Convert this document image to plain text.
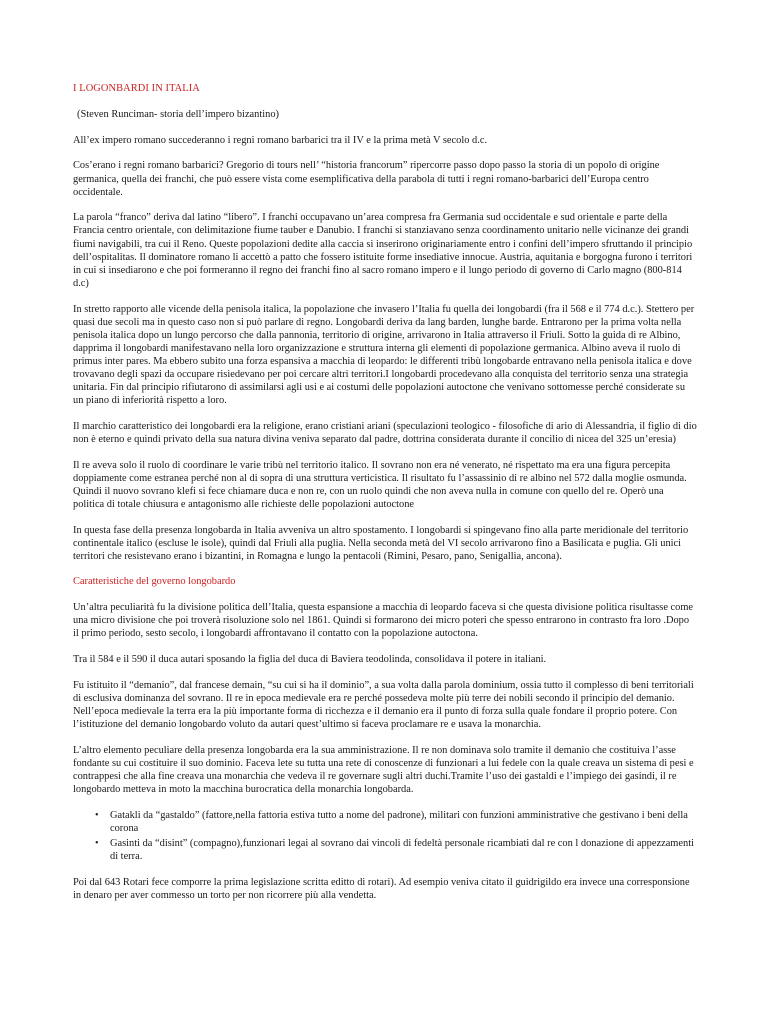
I LOGONBARDI IN ITALIA

(Steven Runciman- storia dell’impero bizantino)

All’ex impero romano succederanno i regni romano barbarici tra il IV e la prima metà V secolo d.c.

Cos’erano i regni romano barbarici? Gregorio di tours nell’ “historia francorum” ripercorre passo dopo passo la storia di un popolo di origine germanica, quella dei franchi, che può essere vista come esemplificativa della parabola di tutti i regni romano-barbarici dell’Europa centro occidentale.

La parola “franco” deriva dal latino “libero”. I franchi occupavano un’area compresa fra Germania sud occidentale e sud orientale e parte della Francia centro orientale, con delimitazione fiume tauber e Danubio. I franchi si stanziavano senza coordinamento unitario nelle vicinanze dei grandi fiumi navigabili, tra cui il Reno. Queste popolazioni dedite alla caccia si inserirono originariamente entro i confini dell’impero sfruttando il principio dell’ospitalitas. Il dominatore romano li accettò a patto che fossero istituite forme insediative innocue. Austria, aquitania e borgogna furono i territori in cui si insediarono e che poi formeranno il regno dei franchi fino al sacro romano impero e il lungo periodo di governo di Carlo magno (800-814 d.c)

In stretto rapporto alle vicende della penisola italica, la popolazione che invasero l’Italia fu quella dei longobardi (fra il 568 e il 774 d.c.). Stettero per quasi due secoli ma in questo caso non si può parlare di regno. Longobardi deriva da lang barden, lunghe barde. Entrarono per la prima volta nella penisola italica dopo un lungo percorso che dalla pannonia, territorio di origine, arrivarono in Italia attraverso il Friuli. Sotto la guida di re Albino, dapprima il longobardi manifestavano nella loro organizzazione e struttura interna gli elementi di popolazione germanica. Albino aveva il ruolo di primus inter pares. Ma ebbero subito una forza espansiva a macchia di leopardo: le differenti tribù longobarde entravano nella penisola italica e dove trovavano degli spazi da occupare risiedevano per poi cercare altri territori.I longobardi procedevano alla conquista del territorio senza una strategia unitaria. Fin dal principio rifiutarono di assimilarsi agli usi e ai costumi delle popolazioni autoctone che venivano sottomesse perché considerate su un piano di inferiorità rispetto a loro.

Il marchio caratteristico dei longobardi era la religione, erano cristiani ariani (speculazioni teologico - filosofiche di ario di Alessandria, il figlio di dio non è eterno e quindi privato della sua natura divina veniva separato dal padre, dottrina considerata durante il concilio di nicea del 325 un’eresia)

Il re aveva solo il ruolo di coordinare le varie tribù nel territorio italico. Il sovrano non era né venerato, né rispettato ma era una figura percepita doppiamente come estranea perché non al di sopra di una struttura verticistica. Il risultato fu l’assassinio di re albino nel 572 dalla moglie osmunda. Quindi il nuovo sovrano klefi si fece chiamare duca e non re, con un ruolo quindi che non aveva nulla in comune con quello del re. Operò una politica di totale chiusura e antagonismo alle richieste delle popolazioni autoctone

In questa fase della presenza longobarda in Italia avveniva un altro spostamento. I longobardi si spingevano fino alla parte meridionale del territorio continentale italico (escluse le isole), quindi dal Friuli alla puglia. Nella seconda metà del VI secolo arrivarono fino a Basilicata e puglia. Gli unici territori che resistevano erano i bizantini, in Romagna e lungo la pentacoli (Rimini, Pesaro, pano, Senigallia, ancona).

Caratteristiche del governo longobardo

Un’altra peculiarità fu la divisione politica dell’Italia, questa espansione a macchia di leopardo faceva si che questa divisione politica risultasse come una micro divisione che poi troverà risoluzione solo nel 1861. Quindi si formarono dei micro poteri che spesso entrarono in contrasto fra loro .Dopo il primo periodo, sesto secolo, i longobardi affrontavano il contatto con la popolazione autoctona.

Tra il 584 e il 590 il duca autari sposando la figlia del duca di Baviera teodolinda, consolidava il potere in italiani.

Fu istituito il “demanio”, dal francese demain, “su cui si ha il dominio”, a sua volta dalla parola dominium, ossia tutto il complesso di beni territoriali di esclusiva dominanza del sovrano. Il re in epoca medievale era re perché possedeva molte più terre dei nobili secondo il principio del demanio. Nell’epoca medievale la terra era la più importante forma di ricchezza e il demanio era il punto di forza sulla quale fondare il proprio potere. Con l’istituzione del demanio longobardo voluto da autari quest’ultimo si faceva proclamare re e usava la monarchia.

L’altro elemento peculiare della presenza longobarda era la sua amministrazione. Il re non dominava solo tramite il demanio che costituiva l’asse fondante su cui costituire il suo dominio. Faceva lete su tutta una rete di conoscenze di funzionari a lui fedele con la quale creava un sistema di pesi e contrappesi che alla fine creava una monarchia che vedeva il re governare sugli altri duchi.Tramite l’uso dei gastaldi e l’impiego dei gasindi, il re longobardo metteva in moto la macchina burocratica della monarchia longobarda.

• Gatakli da “gastaldo” (fattore,nella fattoria estiva tutto a nome del padrone), militari con funzioni amministrative che gestivano i beni della corona
• Gasinti da “disint” (compagno),funzionari legai al sovrano dai vincoli di fedeltà personale ricambiati dal re con l donazione di appezzamenti di terra.

Poi dal 643 Rotari fece comporre la prima legislazione scritta editto di rotari). Ad esempio veniva citato il guidrigildo era invece una corresponsione in denaro per aver commesso un torto per non ricorrere più alla vendetta.
